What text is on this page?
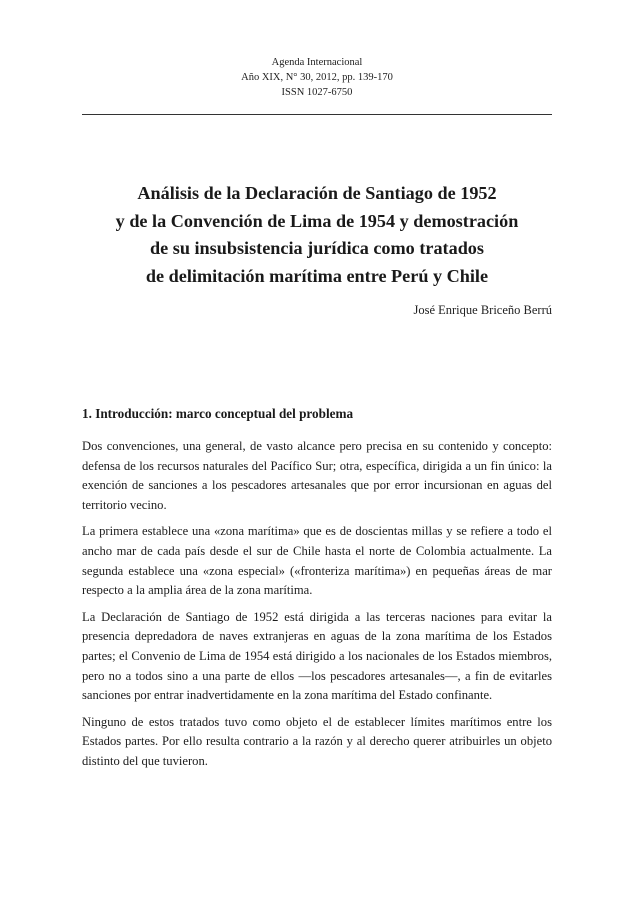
Agenda Internacional
Año XIX, N° 30, 2012, pp. 139-170
ISSN 1027-6750
Análisis de la Declaración de Santiago de 1952
y de la Convención de Lima de 1954 y demostración
de su insubsistencia jurídica como tratados
de delimitación marítima entre Perú y Chile
José Enrique Briceño Berrú
1. Introducción: marco conceptual del problema

Dos convenciones, una general, de vasto alcance pero precisa en su contenido y concepto: defensa de los recursos naturales del Pacífico Sur; otra, específica, dirigida a un fin único: la exención de sanciones a los pescadores artesanales que por error incursionan en aguas del territorio vecino.

La primera establece una «zona marítima» que es de doscientas millas y se refiere a todo el ancho mar de cada país desde el sur de Chile hasta el norte de Colombia actualmente. La segunda establece una «zona especial» («fronteriza marítima») en pequeñas áreas de mar respecto a la amplia área de la zona marítima.

La Declaración de Santiago de 1952 está dirigida a las terceras naciones para evitar la presencia depredadora de naves extranjeras en aguas de la zona marítima de los Estados partes; el Convenio de Lima de 1954 está dirigido a los nacionales de los Estados miembros, pero no a todos sino a una parte de ellos —los pescadores artesanales—, a fin de evitarles sanciones por entrar inadvertidamente en la zona marítima del Estado confinante.

Ninguno de estos tratados tuvo como objeto el de establecer límites marítimos entre los Estados partes. Por ello resulta contrario a la razón y al derecho querer atribuirles un objeto distinto del que tuvieron.
